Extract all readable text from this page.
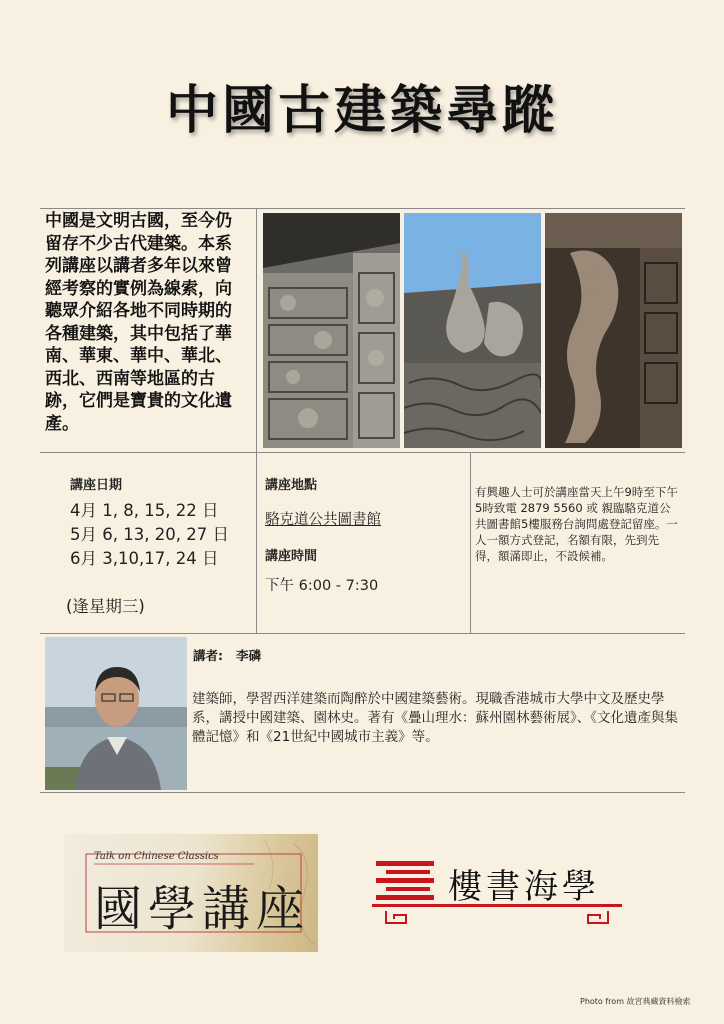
中國古建築尋蹤
中國是文明古國，至今仍留存不少古代建築。本系列講座以講者多年以來曾經考察的實例為線索，向聽眾介紹各地不同時期的各種建築，其中包括了華南、華東、華中、華北、西北、西南等地區的古跡，它們是寶貴的文化遺產。
講座日期
4月 1, 8, 15, 22 日
5月 6, 13, 20, 27 日
6月 3,10,17, 24 日
(逢星期三)
講座地點
駱克道公共圖書館
講座時間
下午 6:00 - 7:30
有興趣人士可於講座當天上午9時至下午5時致電 2879 5560 或 親臨駱克道公共圖書館5樓服務台詢問處登記留座。一人一額方式登記，名額有限，先到先得，額滿即止，不設候補。
講者: 李磷
建築師，學習西洋建築而陶醉於中國建築藝術。現職香港城市大學中文及歷史學系，講授中國建築、園林史。著有《疊山理水：蘇州園林藝術展》、《文化遺產與集體記憶》和《21世紀中國城市主義》等。
Talk on Chinese Classics
國學講座	樓書海學
Photo from 故宮典藏資料檢索
